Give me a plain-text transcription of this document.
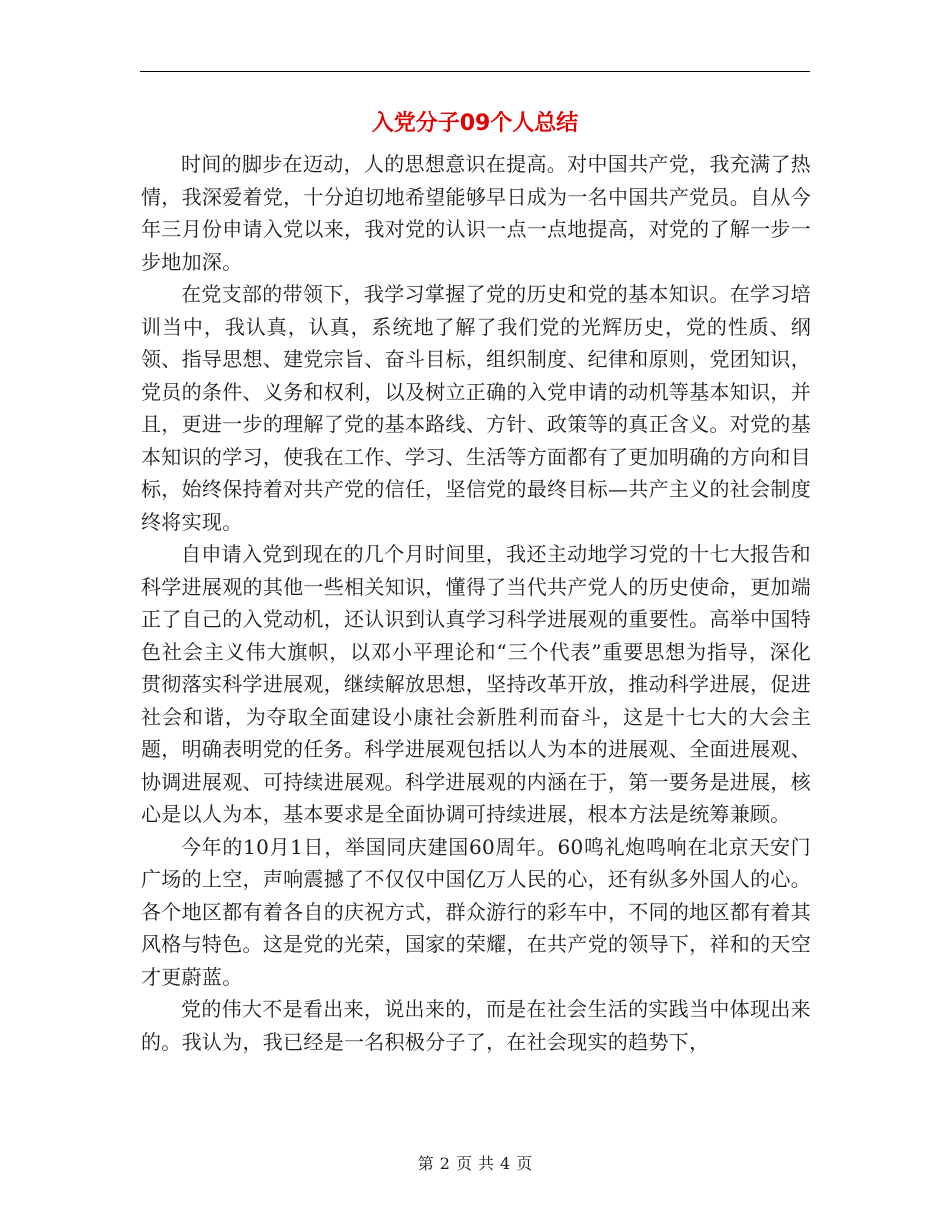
入党分子09个人总结

时间的脚步在迈动，人的思想意识在提高。对中国共产党，我充满了热情，我深爱着党，十分迫切地希望能够早日成为一名中国共产党员。自从今年三月份申请入党以来，我对党的认识一点一点地提高，对党的了解一步一步地加深。

在党支部的带领下，我学习掌握了党的历史和党的基本知识。在学习培训当中，我认真，认真，系统地了解了我们党的光辉历史，党的性质、纲领、指导思想、建党宗旨、奋斗目标，组织制度、纪律和原则，党团知识，党员的条件、义务和权利，以及树立正确的入党申请的动机等基本知识，并且，更进一步的理解了党的基本路线、方针、政策等的真正含义。对党的基本知识的学习，使我在工作、学习、生活等方面都有了更加明确的方向和目标，始终保持着对共产党的信任，坚信党的最终目标—共产主义的社会制度终将实现。

自申请入党到现在的几个月时间里，我还主动地学习党的十七大报告和科学进展观的其他一些相关知识，懂得了当代共产党人的历史使命，更加端正了自己的入党动机，还认识到认真学习科学进展观的重要性。高举中国特色社会主义伟大旗帜，以邓小平理论和“三个代表”重要思想为指导，深化贯彻落实科学进展观，继续解放思想，坚持改革开放，推动科学进展，促进社会和谐，为夺取全面建设小康社会新胜利而奋斗，这是十七大的大会主题，明确表明党的任务。科学进展观包括以人为本的进展观、全面进展观、协调进展观、可持续进展观。科学进展观的内涵在于，第一要务是进展，核心是以人为本，基本要求是全面协调可持续进展，根本方法是统筹兼顾。

今年的10月1日，举国同庆建国60周年。60鸣礼炮鸣响在北京天安门广场的上空，声响震撼了不仅仅中国亿万人民的心，还有纵多外国人的心。各个地区都有着各自的庆祝方式，群众游行的彩车中，不同的地区都有着其风格与特色。这是党的光荣，国家的荣耀，在共产党的领导下，祥和的天空才更蔚蓝。

党的伟大不是看出来，说出来的，而是在社会生活的实践当中体现出来的。我认为，我已经是一名积极分子了，在社会现实的趋势下，

第 2 页 共 4 页
